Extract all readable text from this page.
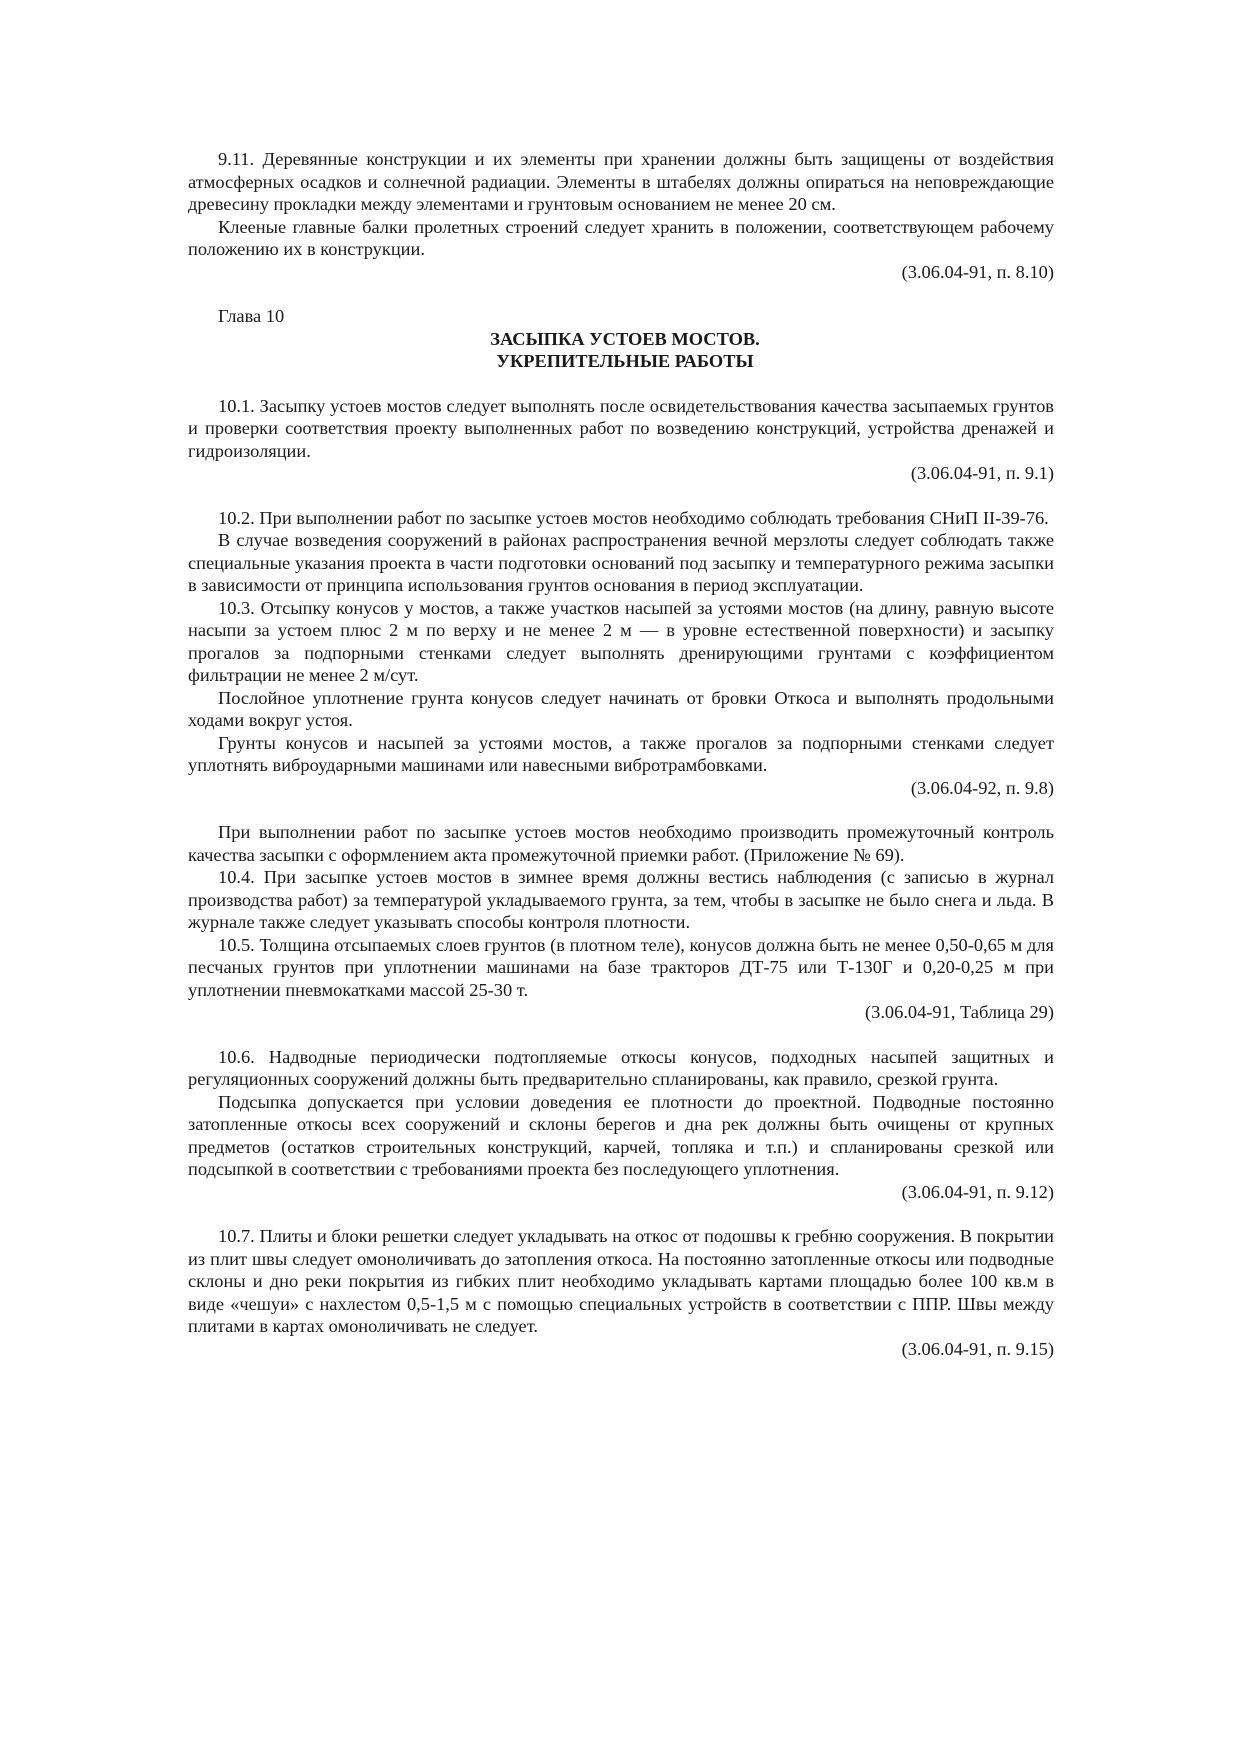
9.11. Деревянные конструкции и их элементы при хранении должны быть защищены от воздействия атмосферных осадков и солнечной радиации. Элементы в штабелях должны опираться на неповреждающие древесину прокладки между элементами и грунтовым основанием не менее 20 см.

Клееные главные балки пролетных строений следует хранить в положении, соответствующем рабочему положению их в конструкции.

(3.06.04-91, п. 8.10)

Глава 10

ЗАСЫПКА УСТОЕВ МОСТОВ.

УКРЕПИТЕЛЬНЫЕ РАБОТЫ

10.1. Засыпку устоев мостов следует выполнять после освидетельствования качества засыпаемых грунтов и проверки соответствия проекту выполненных работ по возведению конструкций, устройства дренажей и гидроизоляции.

(3.06.04-91, п. 9.1)

10.2. При выполнении работ по засыпке устоев мостов необходимо соблюдать требования СНиП II-39-76.

В случае возведения сооружений в районах распространения вечной мерзлоты следует соблюдать также специальные указания проекта в части подготовки оснований под засыпку и температурного режима засыпки в зависимости от принципа использования грунтов основания в период эксплуатации.

10.3. Отсыпку конусов у мостов, а также участков насыпей за устоями мостов (на длину, равную высоте насыпи за устоем плюс 2 м по верху и не менее 2 м — в уровне естественной поверхности) и засыпку прогалов за подпорными стенками следует выполнять дренирующими грунтами с коэффициентом фильтрации не менее 2 м/сут.

Послойное уплотнение грунта конусов следует начинать от бровки Откоса и выполнять продольными ходами вокруг устоя.

Грунты конусов и насыпей за устоями мостов, а также прогалов за подпорными стенками следует уплотнять виброударными машинами или навесными вибротрамбовками.

(3.06.04-92, п. 9.8)

При выполнении работ по засыпке устоев мостов необходимо производить промежуточный контроль качества засыпки с оформлением акта промежуточной приемки работ. (Приложение № 69).

10.4. При засыпке устоев мостов в зимнее время должны вестись наблюдения (с записью в журнал производства работ) за температурой укладываемого грунта, за тем, чтобы в засыпке не было снега и льда. В журнале также следует указывать способы контроля плотности.

10.5. Толщина отсыпаемых слоев грунтов (в плотном теле), конусов должна быть не менее 0,50-0,65 м для песчаных грунтов при уплотнении машинами на базе тракторов ДТ-75 или Т-130Г и 0,20-0,25 м при уплотнении пневмокатками массой 25-30 т.

(3.06.04-91, Таблица 29)

10.6. Надводные периодически подтопляемые откосы конусов, подходных насыпей защитных и регуляционных сооружений должны быть предварительно спланированы, как правило, срезкой грунта.

Подсыпка допускается при условии доведения ее плотности до проектной. Подводные постоянно затопленные откосы всех сооружений и склоны берегов и дна рек должны быть очищены от крупных предметов (остатков строительных конструкций, карчей, топляка и т.п.) и спланированы срезкой или подсыпкой в соответствии с требованиями проекта без последующего уплотнения.

(3.06.04-91, п. 9.12)

10.7. Плиты и блоки решетки следует укладывать на откос от подошвы к гребню сооружения. В покрытии из плит швы следует омоноличивать до затопления откоса. На постоянно затопленные откосы или подводные склоны и дно реки покрытия из гибких плит необходимо укладывать картами площадью более 100 кв.м в виде «чешуи» с нахлестом 0,5-1,5 м с помощью специальных устройств в соответствии с ППР. Швы между плитами в картах омоноличивать не следует.

(3.06.04-91, п. 9.15)
